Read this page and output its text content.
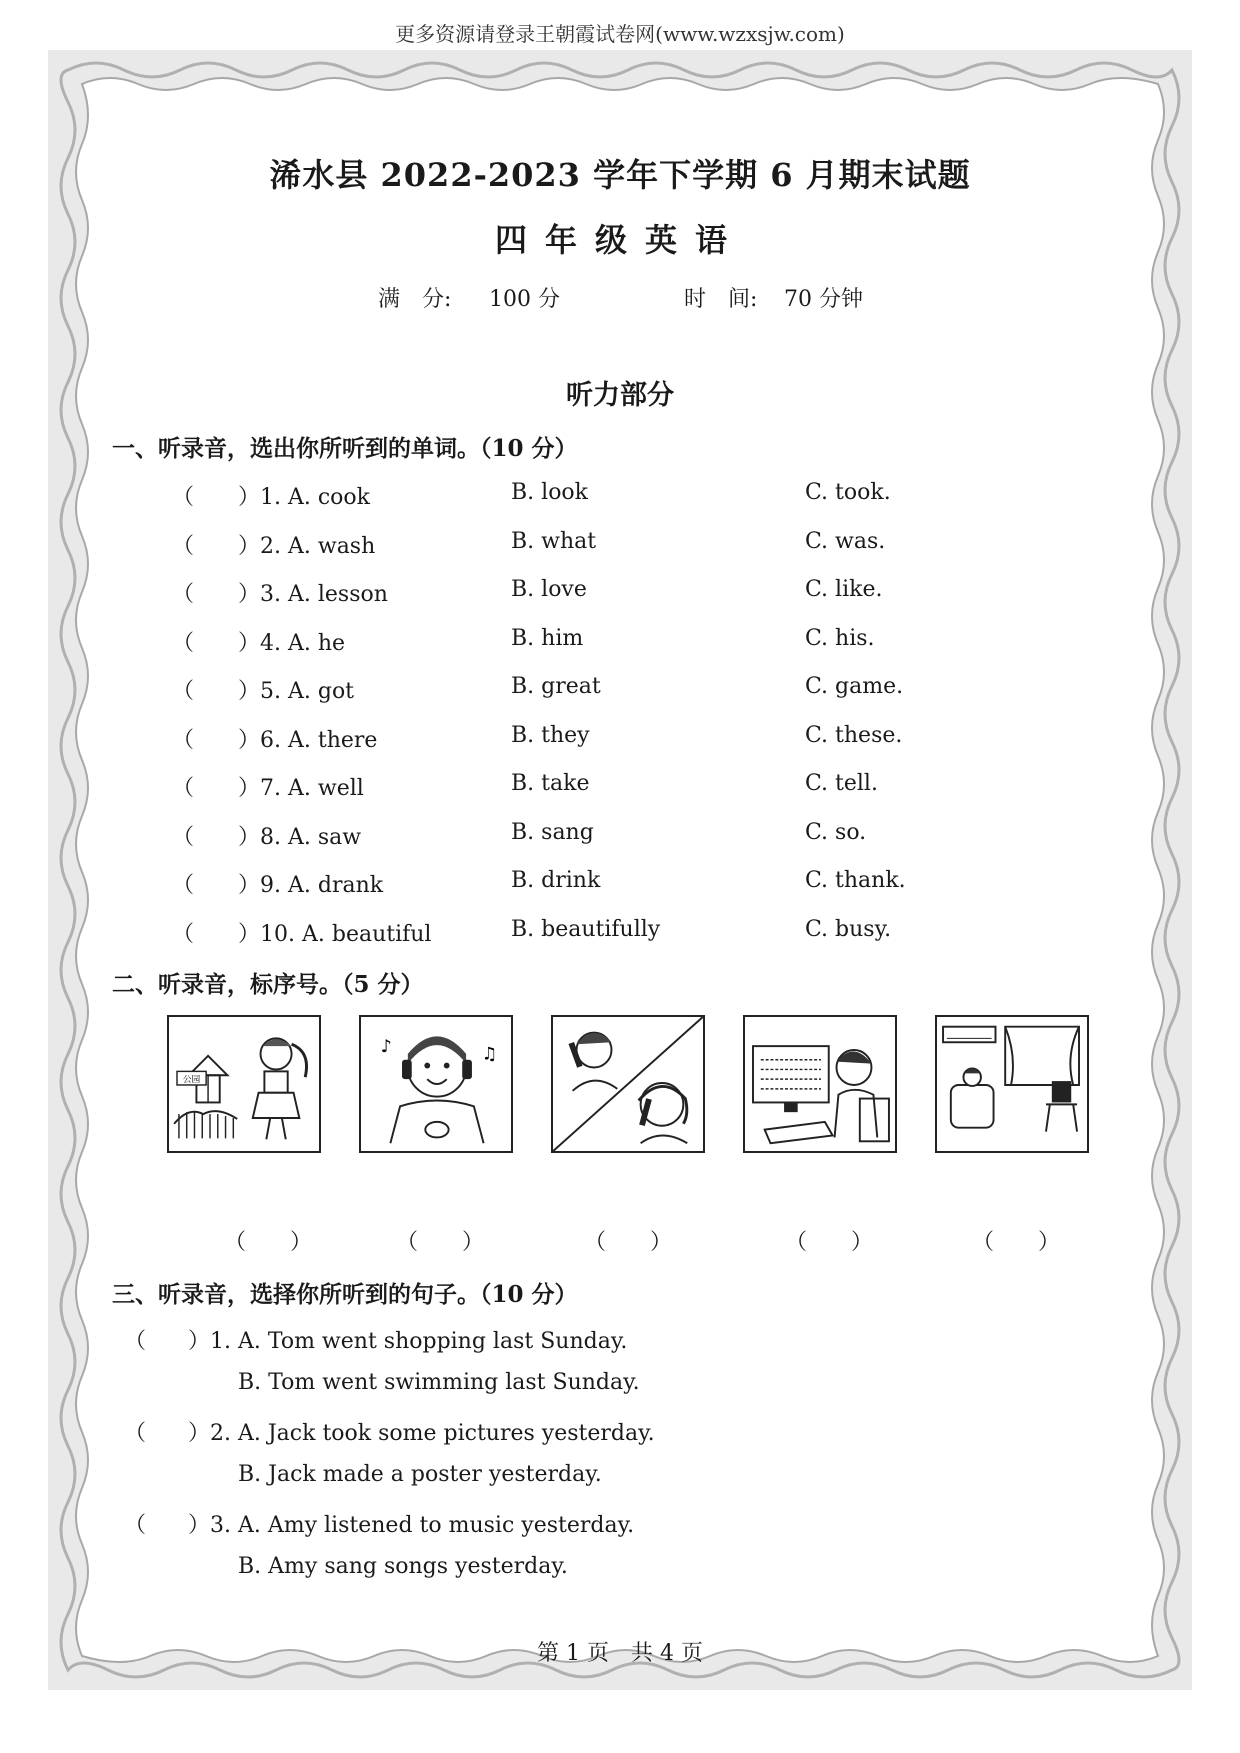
更多资源请登录王朝霞试卷网(www.wzxsjw.com)
浠水县 2022-2023 学年下学期 6 月期末试题
四年级英语
满　分: 100 分	时　间: 70 分钟
听力部分
一、听录音，选出你所听到的单词。（10 分）
（ ）1. A. cook	B. look	C. took.
（ ）2. A. wash	B. what	C. was.
（ ）3. A. lesson	B. love	C. like.
（ ）4. A. he	B. him	C. his.
（ ）5. A. got	B. great	C. game.
（ ）6. A. there	B. they	C. these.
（ ）7. A. well	B. take	C. tell.
（ ）8. A. saw	B. sang	C. so.
（ ）9. A. drank	B. drink	C. thank.
（ ）10. A. beautiful	B. beautifully	C. busy.
二、听录音，标序号。（5 分）
公园
♪	♫
（　　）	（　　）	（　　）	（　　）	（　　）
三、听录音，选择你所听到的句子。（10 分）
（ ）1. A. Tom went shopping last Sunday.
B. Tom went swimming last Sunday.
（ ）2. A. Jack took some pictures yesterday.
B. Jack made a poster yesterday.
（ ）3. A. Amy listened to music yesterday.
B. Amy sang songs yesterday.
第 1 页　共 4 页
